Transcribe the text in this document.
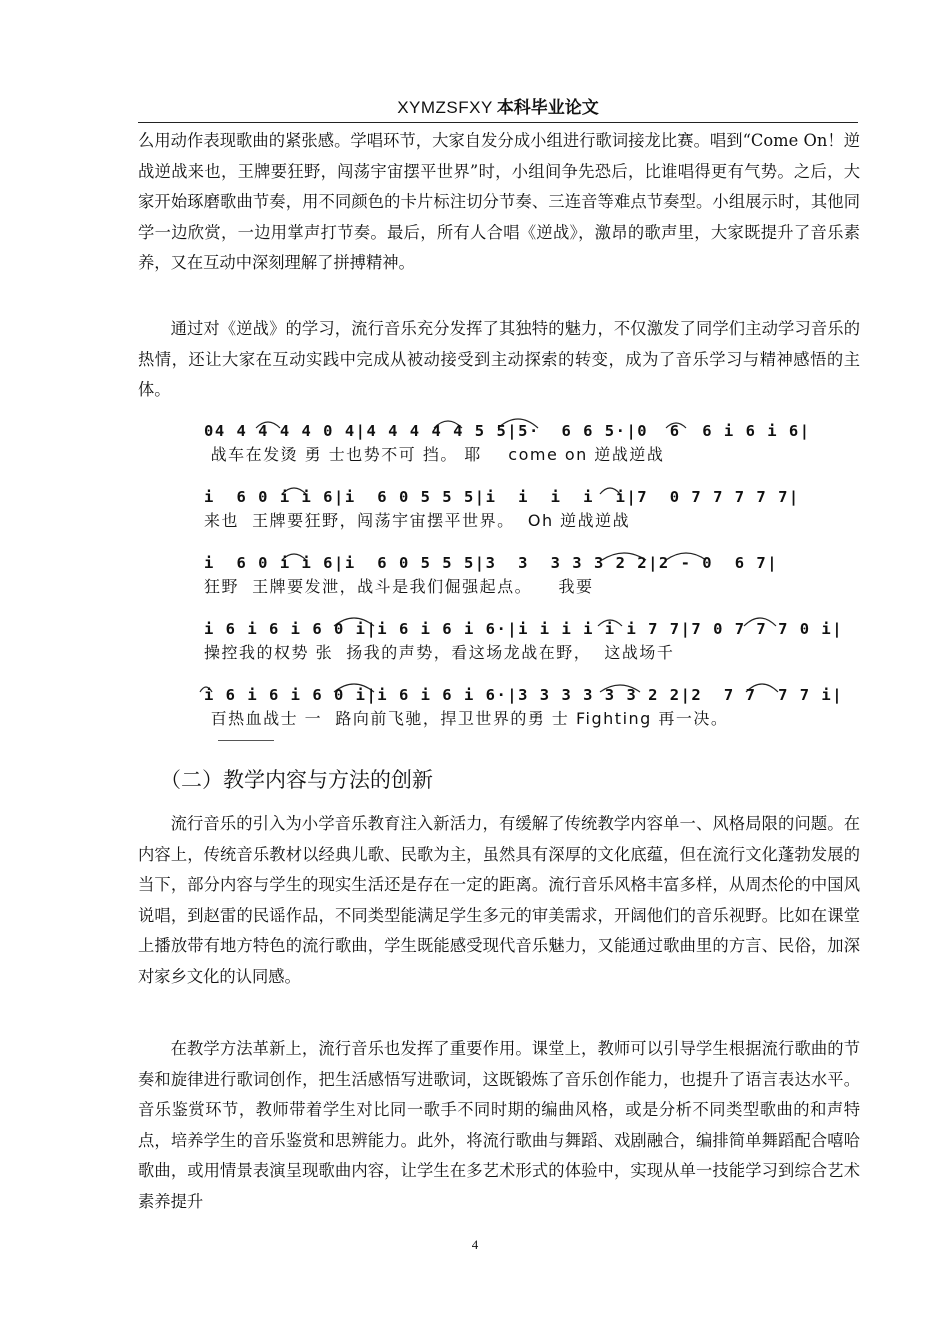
XYMZSFXY 本科毕业论文

么用动作表现歌曲的紧张感。学唱环节，大家自发分成小组进行歌词接龙比赛。唱到“Come On！逆战逆战来也，王牌要狂野，闯荡宇宙摆平世界”时，小组间争先恐后，比谁唱得更有气势。之后，大家开始琢磨歌曲节奏，用不同颜色的卡片标注切分节奏、三连音等难点节奏型。小组展示时，其他同学一边欣赏，一边用掌声打节奏。最后，所有人合唱《逆战》，激昂的歌声里，大家既提升了音乐素养，又在互动中深刻理解了拼搏精神。

通过对《逆战》的学习，流行音乐充分发挥了其独特的魅力，不仅激发了同学们主动学习音乐的热情，还让大家在互动实践中完成从被动接受到主动探索的转变，成为了音乐学习与精神感悟的主体。

04 4 4 4 4 0 4|4 4 4 4 4 5 5|5·  6 6 5·|0  6  6 i 6 i 6|
战车在发烫 勇 士也势不可 挡。 耶    come on 逆战逆战
i  6 0 i i 6|i  6 0 5 5 5|i  i  i  i  i|7  0 7 7 7 7 7|
来也  王牌要狂野，闯荡宇宙摆平世界。  Oh 逆战逆战
i  6 0 i i 6|i  6 0 5 5 5|3  3  3 3 3 2 2|2 - 0  6 7|
狂野  王牌要发泄，战斗是我们倔强起点。    我要
i 6 i 6 i 6 0 i|i 6 i 6 i 6·|i i i i i i 7 7|7 0 7 7 7 0 i|
操控我的权势 张  扬我的声势，看这场龙战在野，  这战场千
i 6 i 6 i 6 0 i|i 6 i 6 i 6·|3 3 3 3 3 3 2 2|2  7 7  7 7 i|
百热血战士 一  路向前飞驰，捍卫世界的勇 士 Fighting 再一决。
（二）教学内容与方法的创新

流行音乐的引入为小学音乐教育注入新活力，有缓解了传统教学内容单一、风格局限的问题。在内容上，传统音乐教材以经典儿歌、民歌为主，虽然具有深厚的文化底蕴，但在流行文化蓬勃发展的当下，部分内容与学生的现实生活还是存在一定的距离。流行音乐风格丰富多样，从周杰伦的中国风说唱，到赵雷的民谣作品，不同类型能满足学生多元的审美需求，开阔他们的音乐视野。比如在课堂上播放带有地方特色的流行歌曲，学生既能感受现代音乐魅力，又能通过歌曲里的方言、民俗，加深对家乡文化的认同感。

在教学方法革新上，流行音乐也发挥了重要作用。课堂上，教师可以引导学生根据流行歌曲的节奏和旋律进行歌词创作，把生活感悟写进歌词，这既锻炼了音乐创作能力，也提升了语言表达水平。音乐鉴赏环节，教师带着学生对比同一歌手不同时期的编曲风格，或是分析不同类型歌曲的和声特点，培养学生的音乐鉴赏和思辨能力。此外，将流行歌曲与舞蹈、戏剧融合，编排简单舞蹈配合嘻哈歌曲，或用情景表演呈现歌曲内容，让学生在多艺术形式的体验中，实现从单一技能学习到综合艺术素养提升

4
